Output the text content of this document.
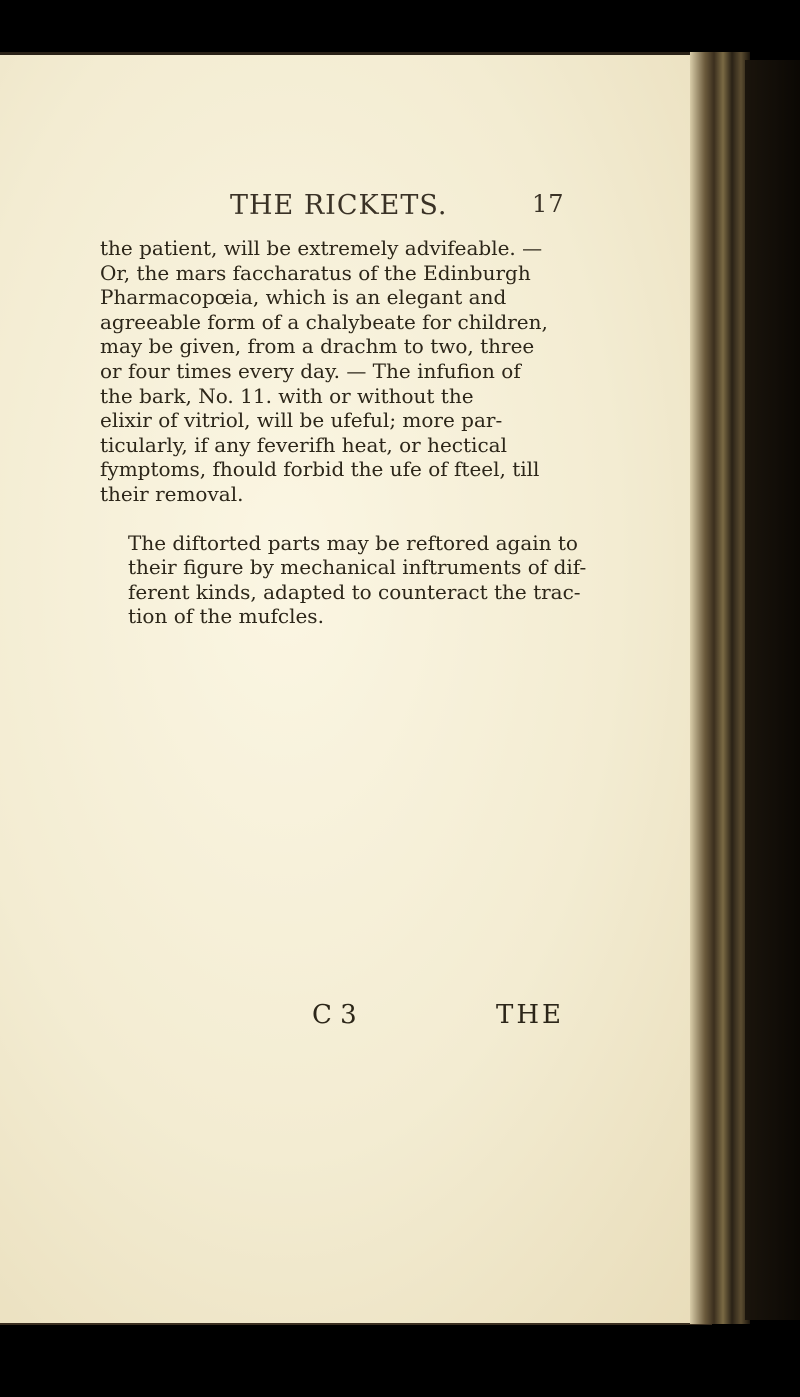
THE RICKETS.	17

the patient, will be extremely advifeable. —
Or, the mars faccharatus of the Edinburgh
Pharmacopœia, which is an elegant and
agreeable form of a chalybeate for children,
may be given, from a drachm to two, three
or four times every day. — The infufion of
the bark, No. 11. with or without the
elixir of vitriol, will be ufeful; more par-
ticularly, if any feverifh heat, or hectical
fymptoms, fhould forbid the ufe of fteel, till
their removal.

The diftorted parts may be reftored again to
their figure by mechanical inftruments of dif-
ferent kinds, adapted to counteract the trac-
tion of the mufcles.

C 3	THE
